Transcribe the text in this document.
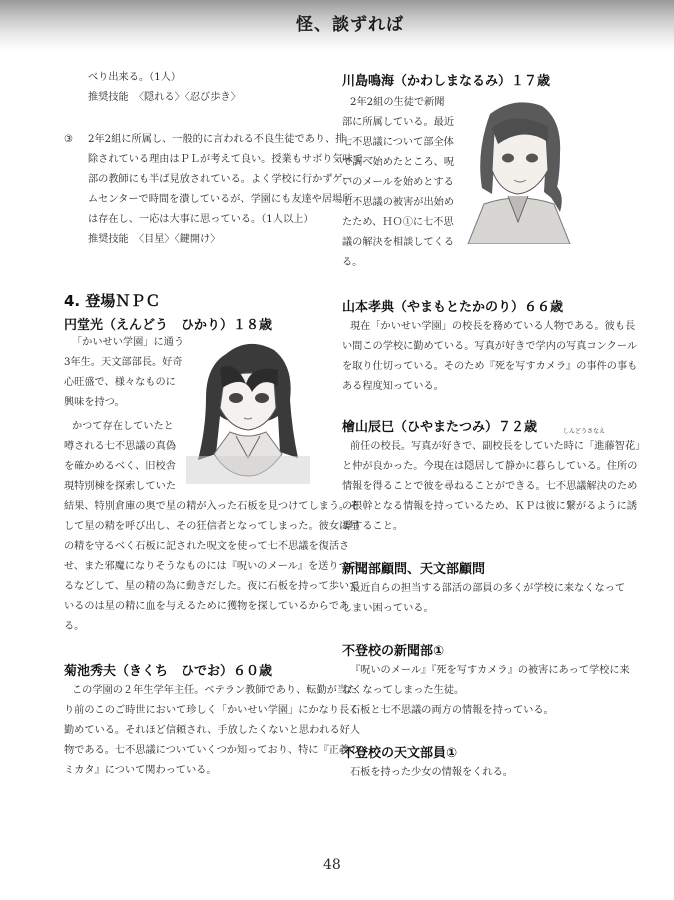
怪、談ずれば
べり出来る。（1人）
推奨技能　〈隠れる〉〈忍び歩き〉
③ 2年2組に所属し、一般的に言われる不良生徒であり、排
除されている理由はＰＬが考えて良い。授業もサボり気味で一
部の教師にも半ば見放されている。よく学校に行かずゲー
ムセンターで時間を潰しているが、学園にも友達や居場所
は存在し、一応は大事に思っている。（1人以上）
推奨技能　〈目星〉〈鍵開け〉
4. 登場ＮＰＣ
円堂光（えんどう　ひかり）１８歳
「かいせい学園」に通う
3年生。天文部部長。好奇
心旺盛で、様々なものに
興味を持つ。
かつて存在していたと
噂される七不思議の真偽
を確かめるべく、旧校舎
現特別棟を探索していた
結果、特別倉庫の奥で星の精が入った石板を見つけてしまう。そ
して星の精を呼び出し、その狂信者となってしまった。彼女は星
の精を守るべく石板に記された呪文を使って七不思議を復活さ
せ、また邪魔になりそうなものには『呪いのメール』を送りつけ
るなどして、星の精の為に動きだした。夜に石板を持って歩いて
いるのは星の精に血を与えるために獲物を探しているからであ
る。
菊池秀夫（きくち　ひでお）６０歳
この学園の２年生学年主任。ベテラン教師であり、転勤が当た
り前のこのご時世において珍しく「かいせい学園」にかなり長く
勤めている。それほど信頼され、手放したくないと思われる好人
物である。七不思議についていくつか知っており、特に『正義の
ミカタ』について関わっている。
川島鳴海（かわしまなるみ）１７歳
2年2組の生徒で新聞
部に所属している。最近
七不思議について部全体
で調べ始めたところ、呪
いのメールを始めとする
七不思議の被害が出始め
たため、ＨＯ①に七不思
議の解決を相談してくる
る。
山本孝典（やまもとたかのり）６６歳
現在「かいせい学園」の校長を務めている人物である。彼も長
い間この学校に勤めている。写真が好きで学内の写真コンクール
を取り仕切っている。そのため『死を写すカメラ』の事件の事も
ある程度知っている。
檜山辰巳（ひやまたつみ）７２歳	しんどうさなえ
前任の校長。写真が好きで、副校長をしていた時に「進藤智花」
と仲が良かった。今現在は隠居して静かに暮らしている。住所の
情報を得ることで彼を尋ねることができる。七不思議解決のため
の根幹となる情報を持っているため、ＫＰは彼に繋がるように誘
導すること。
新聞部顧問、天文部顧問
最近自らの担当する部活の部員の多くが学校に来なくなって
しまい困っている。
不登校の新聞部①
『呪いのメール』『死を写すカメラ』の被害にあって学校に来
なくなってしまった生徒。
石板と七不思議の両方の情報を持っている。
不登校の天文部員①
石板を持った少女の情報をくれる。
48
